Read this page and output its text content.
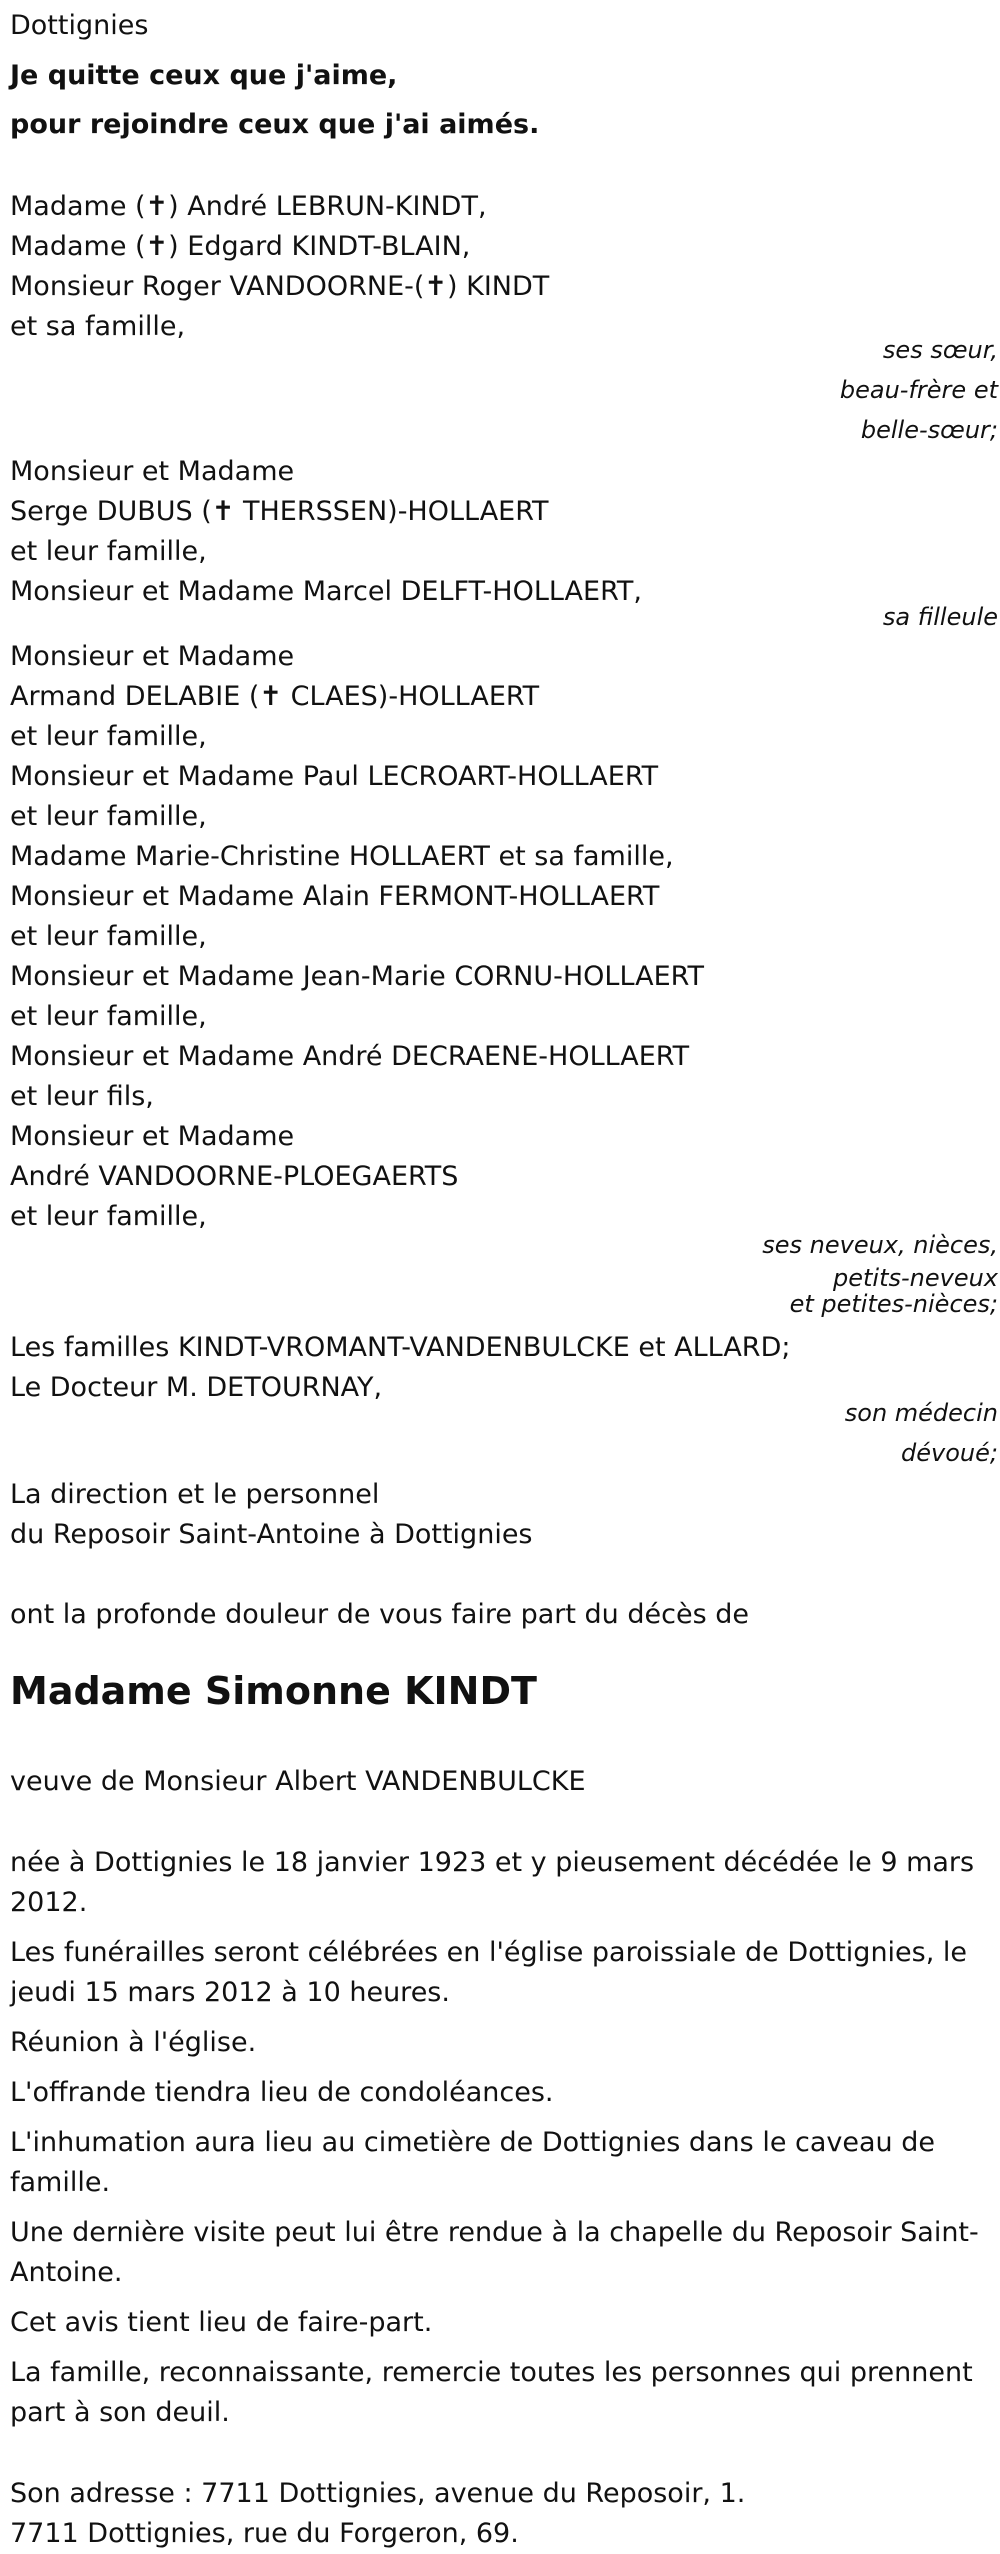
Dottignies
Je quitte ceux que j'aime,
pour rejoindre ceux que j'ai aimés.
Madame (✝) André LEBRUN-KINDT,
Madame (✝) Edgard KINDT-BLAIN,
Monsieur Roger VANDOORNE-(✝) KINDT
et sa famille,
ses sœur,
beau-frère et
belle-sœur;
Monsieur et Madame
Serge DUBUS (✝ THERSSEN)-HOLLAERT
et leur famille,
Monsieur et Madame Marcel DELFT-HOLLAERT,
sa filleule
Monsieur et Madame
Armand DELABIE (✝ CLAES)-HOLLAERT
et leur famille,
Monsieur et Madame Paul LECROART-HOLLAERT
et leur famille,
Madame Marie-Christine HOLLAERT et sa famille,
Monsieur et Madame Alain FERMONT-HOLLAERT
et leur famille,
Monsieur et Madame Jean-Marie CORNU-HOLLAERT
et leur famille,
Monsieur et Madame André DECRAENE-HOLLAERT
et leur fils,
Monsieur et Madame
André VANDOORNE-PLOEGAERTS
et leur famille,
ses neveux, nièces,
petits-neveux
et petites-nièces;
Les familles KINDT-VROMANT-VANDENBULCKE et ALLARD;
Le Docteur M. DETOURNAY,
son médecin
dévoué;
La direction et le personnel
du Reposoir Saint-Antoine à Dottignies
ont la profonde douleur de vous faire part du décès de
Madame Simonne KINDT
veuve de Monsieur Albert VANDENBULCKE
née à Dottignies le 18 janvier 1923 et y pieusement décédée le 9 mars 2012.
Les funérailles seront célébrées en l'église paroissiale de Dottignies, le jeudi 15 mars 2012 à 10 heures.
Réunion à l'église.
L'offrande tiendra lieu de condoléances.
L'inhumation aura lieu au cimetière de Dottignies dans le caveau de famille.
Une dernière visite peut lui être rendue à la chapelle du Reposoir Saint-Antoine.
Cet avis tient lieu de faire-part.
La famille, reconnaissante, remercie toutes les personnes qui prennent part à son deuil.
Son adresse : 7711 Dottignies, avenue du Reposoir, 1.
7711 Dottignies, rue du Forgeron, 69.
